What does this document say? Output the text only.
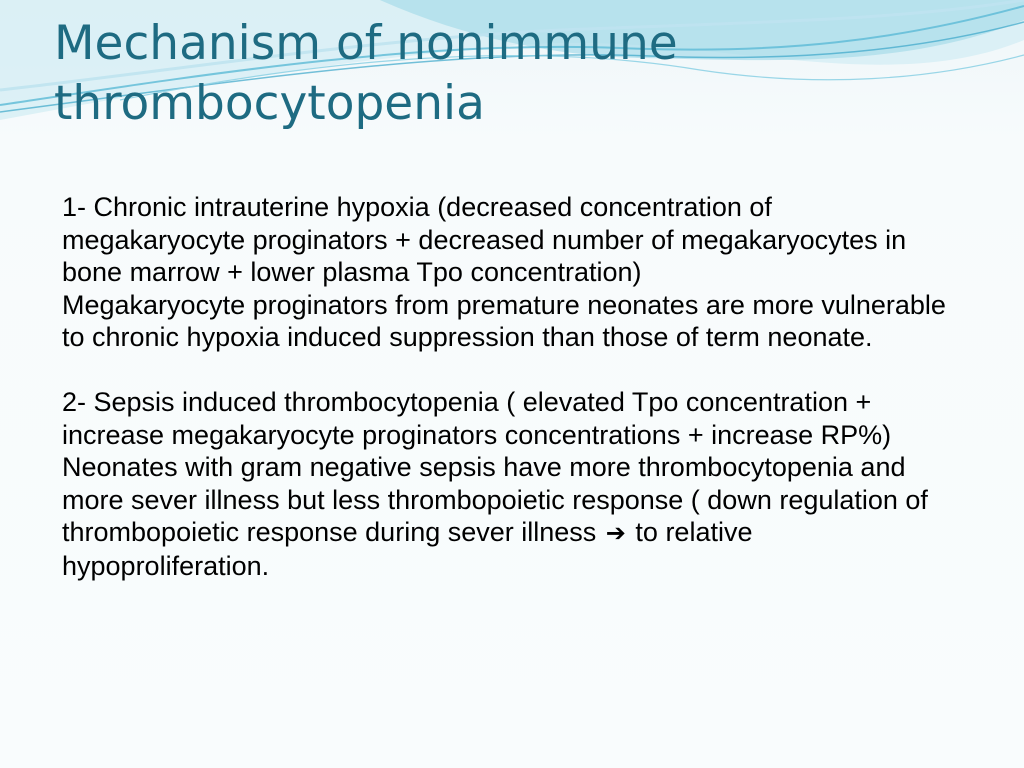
Mechanism of nonimmune thrombocytopenia

1- Chronic intrauterine hypoxia (decreased concentration of megakaryocyte proginators + decreased number of megakaryocytes in bone marrow + lower plasma Tpo concentration)

Megakaryocyte proginators from premature neonates are more vulnerable to chronic hypoxia induced suppression than those of term neonate.

2- Sepsis induced thrombocytopenia ( elevated Tpo concentration + increase megakaryocyte proginators concentrations + increase RP%)

Neonates with gram negative sepsis have more thrombocytopenia and more sever illness but less thrombopoietic response ( down regulation of thrombopoietic response during sever illness ➔ to relative hypoproliferation.
